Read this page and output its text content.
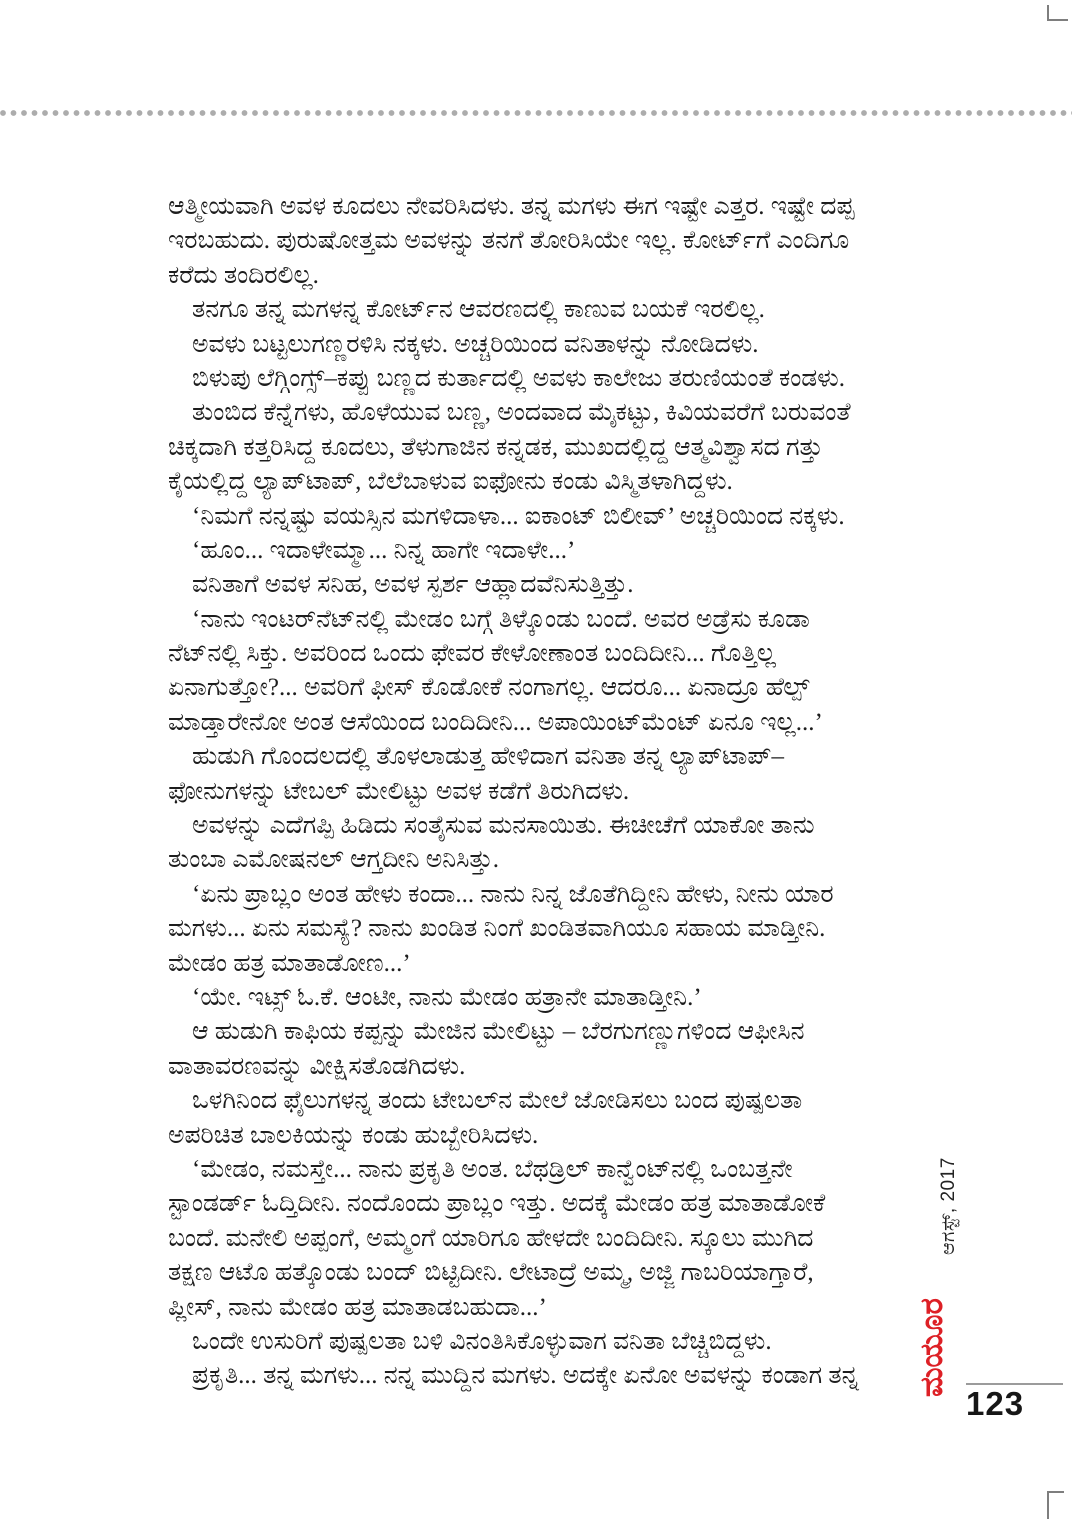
ಆತ್ಮೀಯವಾಗಿ ಅವಳ ಕೂದಲು ನೇವರಿಸಿದಳು. ತನ್ನ ಮಗಳು ಈಗ ಇಷ್ಟೇ ಎತ್ತರ. ಇಷ್ಟೇ ದಪ್ಪ
ಇರಬಹುದು. ಪುರುಷೋತ್ತಮ ಅವಳನ್ನು ತನಗೆ ತೋರಿಸಿಯೇ ಇಲ್ಲ. ಕೋರ್ಟ್‌ಗೆ ಎಂದಿಗೂ
ಕರೆದು ತಂದಿರಲಿಲ್ಲ.
ತನಗೂ ತನ್ನ ಮಗಳನ್ನ ಕೋರ್ಟ್‌ನ ಆವರಣದಲ್ಲಿ ಕಾಣುವ ಬಯಕೆ ಇರಲಿಲ್ಲ.
ಅವಳು ಬಟ್ಟಲುಗಣ್ಣರಳಿಸಿ ನಕ್ಕಳು. ಅಚ್ಚರಿಯಿಂದ ವನಿತಾಳನ್ನು ನೋಡಿದಳು.
ಬಿಳುಪು ಲೆಗ್ಗಿಂಗ್ಸ್–ಕಪ್ಪು ಬಣ್ಣದ ಕುರ್ತಾದಲ್ಲಿ ಅವಳು ಕಾಲೇಜು ತರುಣಿಯಂತೆ ಕಂಡಳು.
ತುಂಬಿದ ಕೆನ್ನೆಗಳು, ಹೊಳೆಯುವ ಬಣ್ಣ, ಅಂದವಾದ ಮೈಕಟ್ಟು, ಕಿವಿಯವರೆಗೆ ಬರುವಂತೆ
ಚಿಕ್ಕದಾಗಿ ಕತ್ತರಿಸಿದ್ದ ಕೂದಲು, ತೆಳುಗಾಜಿನ ಕನ್ನಡಕ, ಮುಖದಲ್ಲಿದ್ದ ಆತ್ಮವಿಶ್ವಾಸದ ಗತ್ತು
ಕೈಯಲ್ಲಿದ್ದ ಲ್ಯಾಪ್‌ಟಾಪ್, ಬೆಲೆಬಾಳುವ ಐಫೋನು ಕಂಡು ವಿಸ್ಮಿತಳಾಗಿದ್ದಳು.
‘ನಿಮಗೆ ನನ್ನಷ್ಟು ವಯಸ್ಸಿನ ಮಗಳಿದಾಳಾ... ಐಕಾಂಟ್ ಬಿಲೀವ್’ ಅಚ್ಚರಿಯಿಂದ ನಕ್ಕಳು.
‘ಹೂಂ... ಇದಾಳೇಮ್ಮಾ... ನಿನ್ನ ಹಾಗೇ ಇದಾಳೇ...’
ವನಿತಾಗೆ ಅವಳ ಸನಿಹ, ಅವಳ ಸ್ಪರ್ಶ ಆಹ್ಲಾದವೆನಿಸುತ್ತಿತ್ತು.
‘ನಾನು ಇಂಟರ್‌ನೆಟ್‌ನಲ್ಲಿ ಮೇಡಂ ಬಗ್ಗೆ ತಿಳ್ಕೊಂಡು ಬಂದೆ. ಅವರ ಅಡ್ರೆಸು ಕೂಡಾ
ನೆಟ್‌ನಲ್ಲಿ ಸಿಕ್ತು. ಅವರಿಂದ ಒಂದು ಫೇವರ ಕೇಳೋಣಾಂತ ಬಂದಿದೀನಿ... ಗೊತ್ತಿಲ್ಲ
ಏನಾಗುತ್ತೋ?... ಅವರಿಗೆ ಫೀಸ್ ಕೊಡೋಕೆ ನಂಗಾಗಲ್ಲ. ಆದರೂ... ಏನಾದ್ರೂ ಹೆಲ್ಪ್
ಮಾಡ್ತಾರೇನೋ ಅಂತ ಆಸೆಯಿಂದ ಬಂದಿದೀನಿ... ಅಪಾಯಿಂಟ್‌ಮೆಂಟ್ ಏನೂ ಇಲ್ಲ...’
ಹುಡುಗಿ ಗೊಂದಲದಲ್ಲಿ ತೊಳಲಾಡುತ್ತ ಹೇಳಿದಾಗ ವನಿತಾ ತನ್ನ ಲ್ಯಾಪ್‌ಟಾಪ್–
ಫೋನುಗಳನ್ನು ಟೇಬಲ್ ಮೇಲಿಟ್ಟು ಅವಳ ಕಡೆಗೆ ತಿರುಗಿದಳು.
ಅವಳನ್ನು ಎದೆಗಪ್ಪಿ ಹಿಡಿದು ಸಂತೈಸುವ ಮನಸಾಯಿತು. ಈಚೀಚೆಗೆ ಯಾಕೋ ತಾನು
ತುಂಬಾ ಎಮೋಷನಲ್ ಆಗ್ತದೀನಿ ಅನಿಸಿತ್ತು.
‘ಏನು ಪ್ರಾಬ್ಲಂ ಅಂತ ಹೇಳು ಕಂದಾ... ನಾನು ನಿನ್ನ ಜೊತೆಗಿದ್ದೀನಿ ಹೇಳು, ನೀನು ಯಾರ
ಮಗಳು... ಏನು ಸಮಸ್ಯೆ? ನಾನು ಖಂಡಿತ ನಿಂಗೆ ಖಂಡಿತವಾಗಿಯೂ ಸಹಾಯ ಮಾಡ್ತೀನಿ.
ಮೇಡಂ ಹತ್ರ ಮಾತಾಡೋಣ...’
‘ಯೇ. ಇಟ್ಸ್ ಓ.ಕೆ. ಆಂಟೀ, ನಾನು ಮೇಡಂ ಹತ್ರಾನೇ ಮಾತಾಡ್ತೀನಿ.’
ಆ ಹುಡುಗಿ ಕಾಫಿಯ ಕಪ್ಪನ್ನು ಮೇಜಿನ ಮೇಲಿಟ್ಟು – ಬೆರಗುಗಣ್ಣುಗಳಿಂದ ಆಫೀಸಿನ
ವಾತಾವರಣವನ್ನು ವೀಕ್ಷಿಸತೊಡಗಿದಳು.
ಒಳಗಿನಿಂದ ಫೈಲುಗಳನ್ನ ತಂದು ಟೇಬಲ್‌ನ ಮೇಲೆ ಜೋಡಿಸಲು ಬಂದ ಪುಷ್ಪಲತಾ
ಅಪರಿಚಿತ ಬಾಲಕಿಯನ್ನು ಕಂಡು ಹುಬ್ಬೇರಿಸಿದಳು.
‘ಮೇಡಂ, ನಮಸ್ತೇ... ನಾನು ಪ್ರಕೃತಿ ಅಂತ. ಬೆಥಡ್ರಿಲ್ ಕಾನ್ವೆಂಟ್‌ನಲ್ಲಿ ಒಂಬತ್ತನೇ
ಸ್ಟಾಂಡರ್ಡ್ ಓದ್ತಿದೀನಿ. ನಂದೊಂದು ಪ್ರಾಬ್ಲಂ ಇತ್ತು. ಅದಕ್ಕೆ ಮೇಡಂ ಹತ್ರ ಮಾತಾಡೋಕೆ
ಬಂದೆ. ಮನೇಲಿ ಅಪ್ಪಂಗೆ, ಅಮ್ಮಂಗೆ ಯಾರಿಗೂ ಹೇಳದೇ ಬಂದಿದೀನಿ. ಸ್ಕೂಲು ಮುಗಿದ
ತಕ್ಷಣ ಆಟೊ ಹತ್ಕೊಂಡು ಬಂದ್ ಬಿಟ್ಟಿದೀನಿ. ಲೇಟಾದ್ರೆ ಅಮ್ಮ, ಅಜ್ಜಿ ಗಾಬರಿಯಾಗ್ತಾರೆ,
ಪ್ಲೀಸ್, ನಾನು ಮೇಡಂ ಹತ್ರ ಮಾತಾಡಬಹುದಾ...’
ಒಂದೇ ಉಸುರಿಗೆ ಪುಷ್ಪಲತಾ ಬಳಿ ವಿನಂತಿಸಿಕೊಳ್ಳುವಾಗ ವನಿತಾ ಬೆಚ್ಚಿಬಿದ್ದಳು.
ಪ್ರಕೃತಿ... ತನ್ನ ಮಗಳು... ನನ್ನ ಮುದ್ದಿನ ಮಗಳು. ಅದಕ್ಕೇ ಏನೋ ಅವಳನ್ನು ಕಂಡಾಗ ತನ್ನ
ಆಗಸ್ಟ್, 2017
ಮಯೂರ
123
